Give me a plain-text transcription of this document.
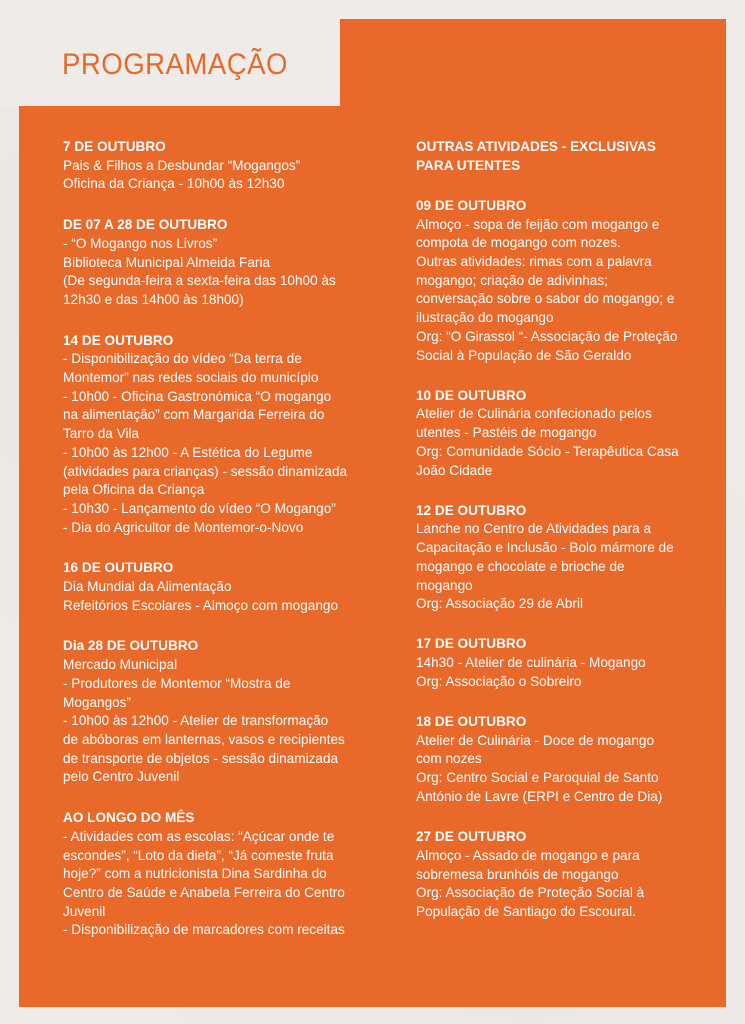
PROGRAMAÇÃO

7 DE OUTUBRO

Pais & Filhos a Desbundar “Mogangos”

Oficina da Criança - 10h00 às 12h30

DE 07 A 28 DE OUTUBRO

- “O Mogango nos Livros”

Biblioteca Municipal Almeida Faria

(De segunda-feira a sexta-feira das 10h00 às

12h30 e das 14h00 às 18h00)

14 DE OUTUBRO

- Disponibilização do vídeo “Da terra de

Montemor” nas redes sociais do município

- 10h00 - Oficina Gastronómica “O mogango

na alimentação” com Margarida Ferreira do

Tarro da Vila

- 10h00 às 12h00 - A Estética do Legume

(atividades para crianças) - sessão dinamizada

pela Oficina da Criança

- 10h30 - Lançamento do vídeo “O Mogango”

- Dia do Agricultor de Montemor-o-Novo

16 DE OUTUBRO

Dia Mundial da Alimentação

Refeitórios Escolares - Almoço com mogango

Dia 28 DE OUTUBRO

Mercado Municipal

- Produtores de Montemor “Mostra de

Mogangos”

- 10h00 às 12h00 - Atelier de transformação

de abóboras em lanternas, vasos e recipientes

de transporte de objetos - sessão dinamizada

pelo Centro Juvenil

AO LONGO DO MÊS

- Atividades com as escolas: “Açúcar onde te

escondes”, “Loto da dieta”, “Já comeste fruta

hoje?” com a nutricionista Dina Sardinha do

Centro de Saúde e Anabela Ferreira do Centro

Juvenil

- Disponibilização de marcadores com receitas

OUTRAS ATIVIDADES - EXCLUSIVAS

PARA UTENTES

09 DE OUTUBRO

Almoço - sopa de feijão com mogango e

compota de mogango com nozes.

Outras atividades: rimas com a palavra

mogango; criação de adivinhas;

conversação sobre o sabor do mogango; e

ilustração do mogango

Org: “O Girassol “- Associação de Proteção

Social à População de São Geraldo

10 DE OUTUBRO

Atelier de Culinária confecionado pelos

utentes - Pastéis de mogango

Org: Comunidade Sócio - Terapêutica Casa

João Cidade

12 DE OUTUBRO

Lanche no Centro de Atividades para a

Capacitação e Inclusão - Bolo mármore de

mogango e chocolate e brioche de

mogango

Org: Associação 29 de Abril

17 DE OUTUBRO

14h30 - Atelier de culinária - Mogango

Org: Associação o Sobreiro

18 DE OUTUBRO

Atelier de Culinária - Doce de mogango

com nozes

Org: Centro Social e Paroquial de Santo

António de Lavre (ERPI e Centro de Dia)

27 DE OUTUBRO

Almoço - Assado de mogango e para

sobremesa brunhóis de mogango

Org: Associação de Proteção Social à

População de Santiago do Escoural.
